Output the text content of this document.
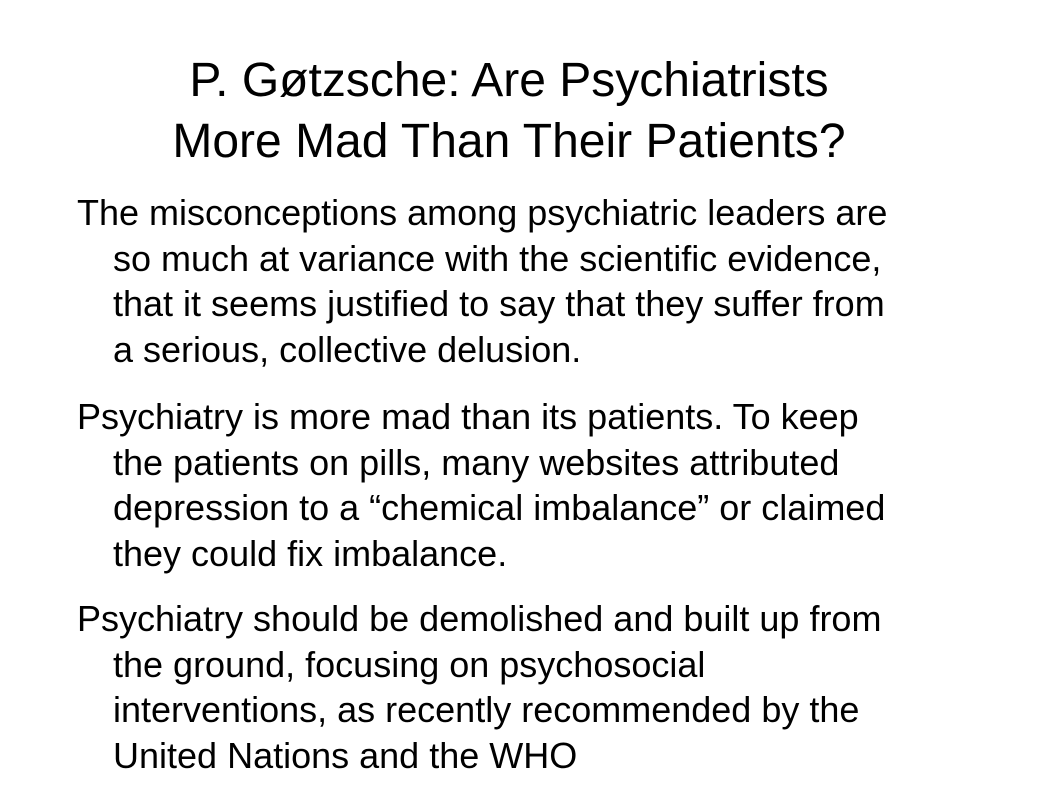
P. Gøtzsche: Are Psychiatrists
More Mad Than Their Patients?
The misconceptions among psychiatric leaders are
so much at variance with the scientific evidence,
that it seems justified to say that they suffer from
a serious, collective delusion.
Psychiatry is more mad than its patients. To keep
the patients on pills, many websites attributed
depression to a “chemical imbalance” or claimed
they could fix imbalance.
Psychiatry should be demolished and built up from
the ground, focusing on psychosocial
interventions, as recently recommended by the
United Nations and the WHO
